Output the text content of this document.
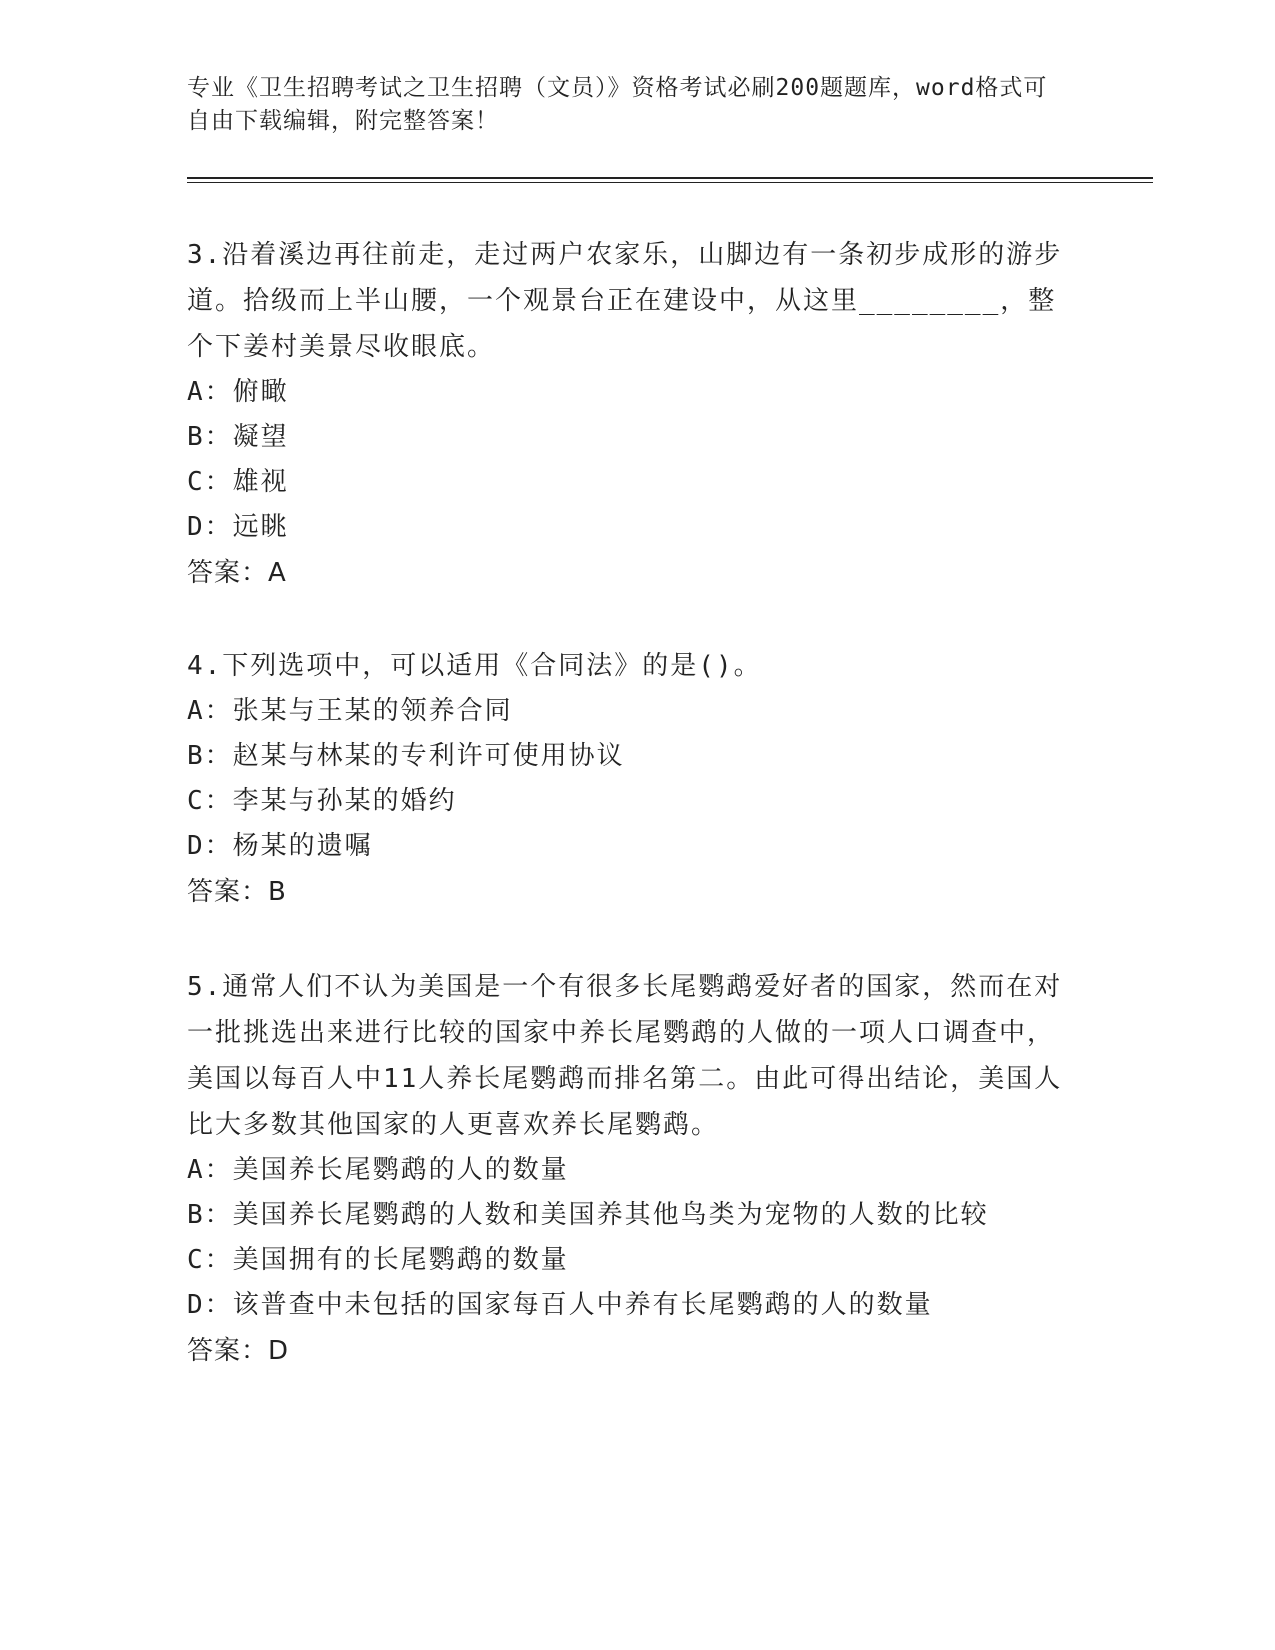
专业《卫生招聘考试之卫生招聘（文员）》资格考试必刷200题题库，word格式可自由下载编辑，附完整答案！
3.沿着溪边再往前走，走过两户农家乐，山脚边有一条初步成形的游步道。拾级而上半山腰，一个观景台正在建设中，从这里________，整个下姜村美景尽收眼底。
A：俯瞰
B：凝望
C：雄视
D：远眺
答案：A
4.下列选项中，可以适用《合同法》的是()。
A：张某与王某的领养合同
B：赵某与林某的专利许可使用协议
C：李某与孙某的婚约
D：杨某的遗嘱
答案：B
5.通常人们不认为美国是一个有很多长尾鹦鹉爱好者的国家，然而在对一批挑选出来进行比较的国家中养长尾鹦鹉的人做的一项人口调查中，美国以每百人中11人养长尾鹦鹉而排名第二。由此可得出结论，美国人比大多数其他国家的人更喜欢养长尾鹦鹉。
A：美国养长尾鹦鹉的人的数量
B：美国养长尾鹦鹉的人数和美国养其他鸟类为宠物的人数的比较
C：美国拥有的长尾鹦鹉的数量
D：该普查中未包括的国家每百人中养有长尾鹦鹉的人的数量
答案：D
